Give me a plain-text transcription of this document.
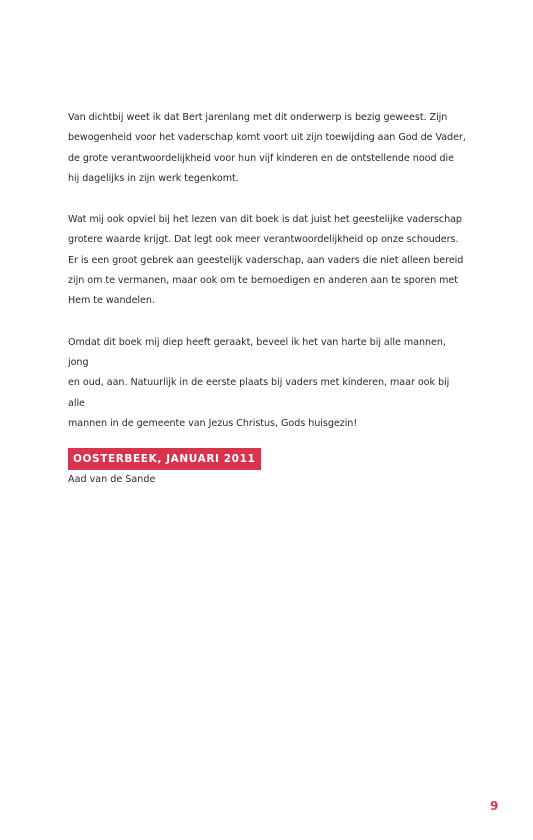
Van dichtbij weet ik dat Bert jarenlang met dit onderwerp is bezig geweest. Zijn
bewogenheid voor het vaderschap komt voort uit zijn toewijding aan God de Vader,
de grote verantwoordelijkheid voor hun vijf kinderen en de ontstellende nood die
hij dagelijks in zijn werk tegenkomt.

Wat mij ook opviel bij het lezen van dit boek is dat juist het geestelijke vaderschap
grotere waarde krijgt. Dat legt ook meer verantwoordelijkheid op onze schouders.
Er is een groot gebrek aan geestelijk vaderschap, aan vaders die niet alleen bereid
zijn om te vermanen, maar ook om te bemoedigen en anderen aan te sporen met
Hem te wandelen.

Omdat dit boek mij diep heeft geraakt, beveel ik het van harte bij alle mannen, jong
en oud, aan. Natuurlijk in de eerste plaats bij vaders met kinderen, maar ook bij alle
mannen in de gemeente van Jezus Christus, Gods huisgezin!

OOSTERBEEK, JANUARI 2011
Aad van de Sande
9
